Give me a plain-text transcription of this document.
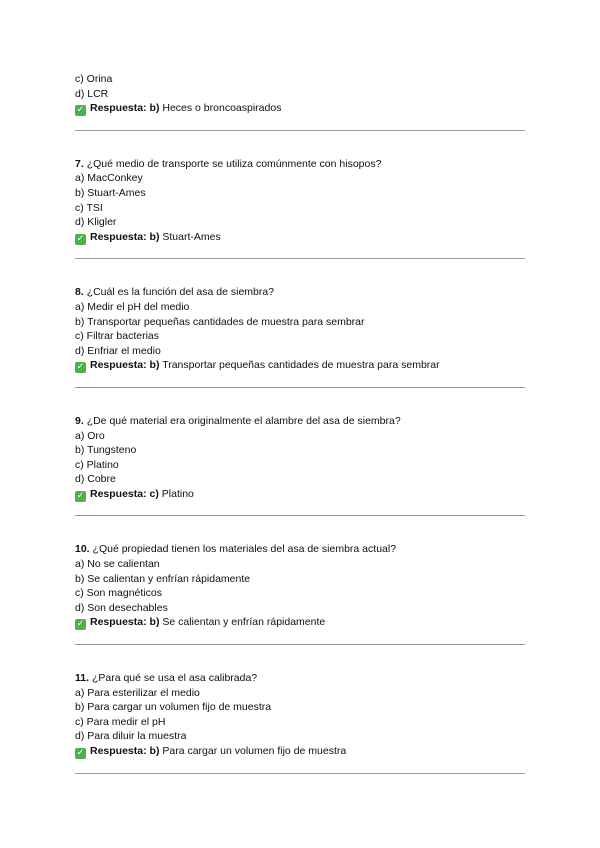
c) Orina
d) LCR
✓ Respuesta: b) Heces o broncoaspirados
7. ¿Qué medio de transporte se utiliza comúnmente con hisopos?
a) MacConkey
b) Stuart-Ames
c) TSI
d) Kligler
✓ Respuesta: b) Stuart-Ames
8. ¿Cuál es la función del asa de siembra?
a) Medir el pH del medio
b) Transportar pequeñas cantidades de muestra para sembrar
c) Filtrar bacterias
d) Enfriar el medio
✓ Respuesta: b) Transportar pequeñas cantidades de muestra para sembrar
9. ¿De qué material era originalmente el alambre del asa de siembra?
a) Oro
b) Tungsteno
c) Platino
d) Cobre
✓ Respuesta: c) Platino
10. ¿Qué propiedad tienen los materiales del asa de siembra actual?
a) No se calientan
b) Se calientan y enfrían rápidamente
c) Son magnéticos
d) Son desechables
✓ Respuesta: b) Se calientan y enfrían rápidamente
11. ¿Para qué se usa el asa calibrada?
a) Para esterilizar el medio
b) Para cargar un volumen fijo de muestra
c) Para medir el pH
d) Para diluir la muestra
✓ Respuesta: b) Para cargar un volumen fijo de muestra
